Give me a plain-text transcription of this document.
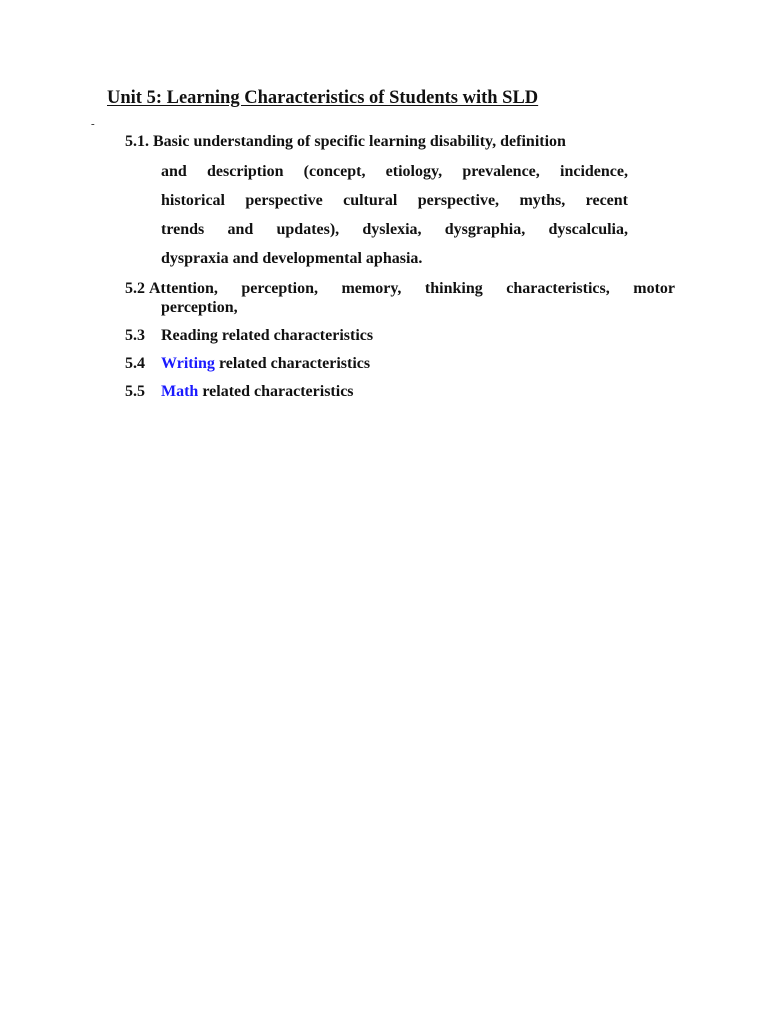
Unit 5: Learning Characteristics of Students with SLD
-
5.1. Basic understanding of specific learning disability, definition
and description (concept, etiology, prevalence, incidence,
historical perspective cultural perspective, myths, recent
trends and updates), dyslexia, dysgraphia, dyscalculia,
dyspraxia and developmental aphasia.
5.2 Attention, perception, memory, thinking characteristics, motor
perception,
5.3 Reading related characteristics
5.4 Writing related characteristics
5.5 Math related characteristics
